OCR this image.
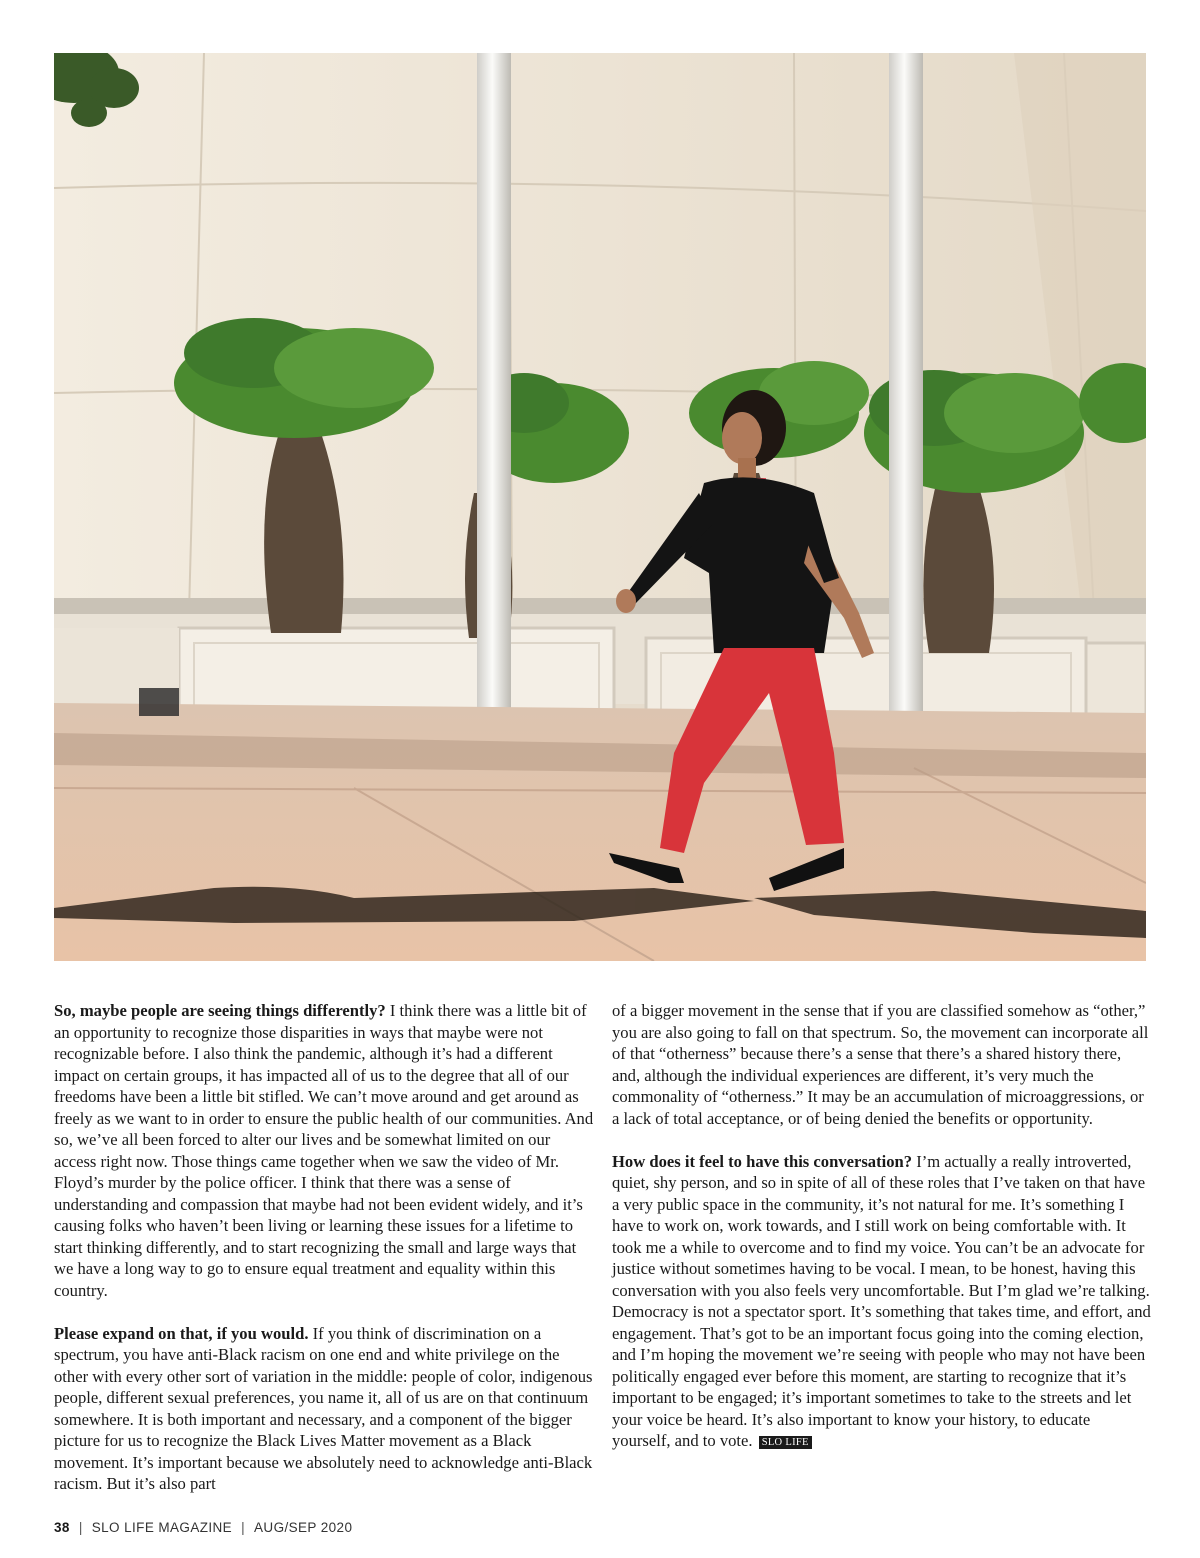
So, maybe people are seeing things differently? I think there was a little bit of an opportunity to recognize those disparities in ways that maybe were not recognizable before. I also think the pandemic, although it’s had a different impact on certain groups, it has impacted all of us to the degree that all of our freedoms have been a little bit stifled. We can’t move around and get around as freely as we want to in order to ensure the public health of our communities. And so, we’ve all been forced to alter our lives and be somewhat limited on our access right now. Those things came together when we saw the video of Mr. Floyd’s murder by the police officer. I think that there was a sense of understanding and compassion that maybe had not been evident widely, and it’s causing folks who haven’t been living or learning these issues for a lifetime to start thinking differently, and to start recognizing the small and large ways that we have a long way to go to ensure equal treatment and equality within this country.

Please expand on that, if you would. If you think of discrimination on a spectrum, you have anti-Black racism on one end and white privilege on the other with every other sort of variation in the middle: people of color, indigenous people, different sexual preferences, you name it, all of us are on that continuum somewhere. It is both important and necessary, and a component of the bigger picture for us to recognize the Black Lives Matter movement as a Black movement. It’s important because we absolutely need to acknowledge anti-Black racism. But it’s also part

of a bigger movement in the sense that if you are classified somehow as “other,” you are also going to fall on that spectrum. So, the movement can incorporate all of that “otherness” because there’s a sense that there’s a shared history there, and, although the individual experiences are different, it’s very much the commonality of “otherness.” It may be an accumulation of microaggressions, or a lack of total acceptance, or of being denied the benefits or opportunity.

How does it feel to have this conversation? I’m actually a really introverted, quiet, shy person, and so in spite of all of these roles that I’ve taken on that have a very public space in the community, it’s not natural for me. It’s something I have to work on, work towards, and I still work on being comfortable with. It took me a while to overcome and to find my voice. You can’t be an advocate for justice without sometimes having to be vocal. I mean, to be honest, having this conversation with you also feels very uncomfortable. But I’m glad we’re talking. Democracy is not a spectator sport. It’s something that takes time, and effort, and engagement. That’s got to be an important focus going into the coming election, and I’m hoping the movement we’re seeing with people who may not have been politically engaged ever before this moment, are starting to recognize that it’s important to be engaged; it’s important sometimes to take to the streets and let your voice be heard. It’s also important to know your history, to educate yourself, and to vote. SLO LIFE

38 | SLO LIFE MAGAZINE | AUG/SEP 2020
